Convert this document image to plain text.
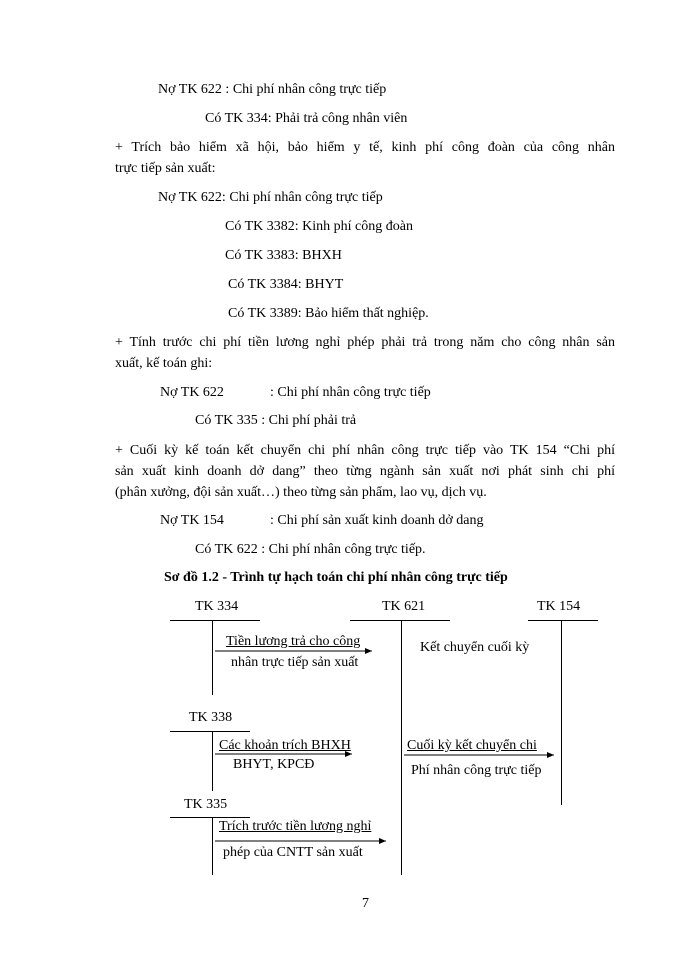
Nợ TK 622 : Chi phí nhân công trực tiếp
Có TK 334: Phải trả công nhân viên
+ Trích bảo hiểm xã hội, bảo hiểm y tế, kinh phí công đoàn của công nhân
trực tiếp sản xuất:
Nợ TK 622: Chi phí nhân công trực tiếp
Có TK 3382: Kinh phí công đoàn
Có TK 3383: BHXH
Có TK 3384: BHYT
Có TK 3389: Bảo hiểm thất nghiệp.
+ Tính trước chi phí tiền lương nghỉ phép phải trả trong năm cho công nhân sản
xuất, kế toán ghi:
Nợ TK 622	: Chi phí nhân công trực tiếp
Có TK 335 : Chi phí phải trả
+ Cuối kỳ kế toán kết chuyển chi phí nhân công trực tiếp vào TK 154 “Chi phí
sản xuất kinh doanh dở dang” theo từng ngành sản xuất nơi phát sinh chi phí
(phân xưởng, đội sản xuất…) theo từng sản phẩm, lao vụ, dịch vụ.
Nợ TK 154	: Chi phí sản xuất kinh doanh dở dang
Có TK 622 : Chi phí nhân công trực tiếp.
Sơ đồ 1.2 - Trình tự hạch toán chi phí nhân công trực tiếp
TK 334	TK 621	TK 154
TK 338
TK 335
Tiền lương trả cho công
nhân trực tiếp sản xuất
Kết chuyển cuối kỳ
Các khoản trích BHXH
BHYT, KPCĐ
Cuối kỳ kết chuyển chi
Phí nhân công trực tiếp
Trích trước tiền lương nghỉ
phép của CNTT sản xuất
7
